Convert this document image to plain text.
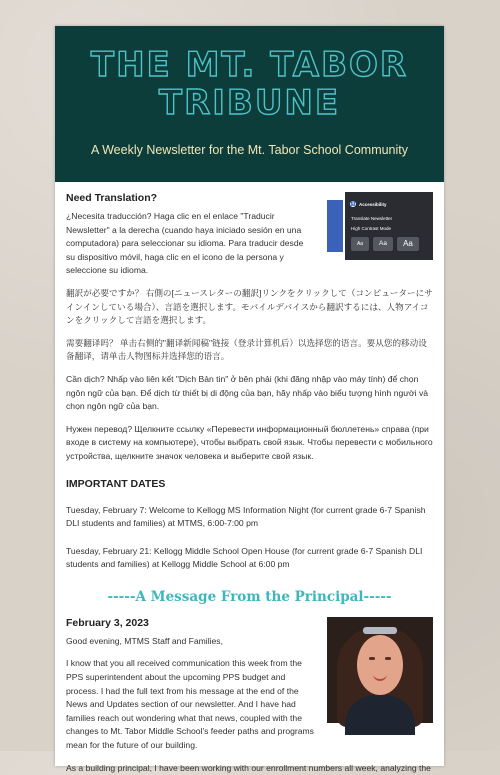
THE MT. TABOR TRIBUNE
A Weekly Newsletter for the Mt. Tabor School Community
♿ Accessibility
Translate Newsletter
High Contrast Mode
Aa	Aa	Aa
Need Translation?

¿Necesita traducción? Haga clic en el enlace "Traducir Newsletter" a la derecha (cuando haya iniciado sesión en una computadora) para seleccionar su idioma. Para traducir desde su dispositivo móvil, haga clic en el icono de la persona y seleccione su idioma.

翻訳が必要ですか？ 右側の[ニュースレターの翻訳]リンクをクリックして（コンピューターにサインインしている場合）、言語を選択します。モバイルデバイスから翻訳するには、人物アイコンをクリックして言語を選択します。

需要翻译吗？ 单击右侧的"翻译新闻稿"链接（登录计算机后）以选择您的语言。要从您的移动设备翻译，请单击人物图标并选择您的语言。

Cần dịch? Nhấp vào liên kết "Dịch Bản tin" ở bên phải (khi đăng nhập vào máy tính) để chọn ngôn ngữ của bạn. Để dịch từ thiết bị di động của bạn, hãy nhấp vào biểu tượng hình người và chọn ngôn ngữ của bạn.

Нужен перевод? Щелкните ссылку «Перевести информационный бюллетень» справа (при входе в систему на компьютере), чтобы выбрать свой язык. Чтобы перевести с мобильного устройства, щелкните значок человека и выберите свой язык.

IMPORTANT DATES

Tuesday, February 7: Welcome to Kellogg MS Information Night (for current grade 6-7 Spanish DLI students and families) at MTMS, 6:00-7:00 pm

Tuesday, February 21: Kellogg Middle School Open House (for current grade 6-7 Spanish DLI students and families) at Kellogg Middle School at 6:00 pm

-----A Message From the Principal-----
February 3, 2023

Good evening, MTMS Staff and Families,

I know that you all received communication this week from the PPS superintendent about the upcoming PPS budget and process. I had the full text from his message at the end of the News and Updates section of our newsletter. And I have had families reach out wondering what that news, coupled with the changes to Mt. Tabor Middle School's feeder paths and programs mean for the future of our building.

As a building principal, I have been working with our enrollment numbers all week, analyzing the
